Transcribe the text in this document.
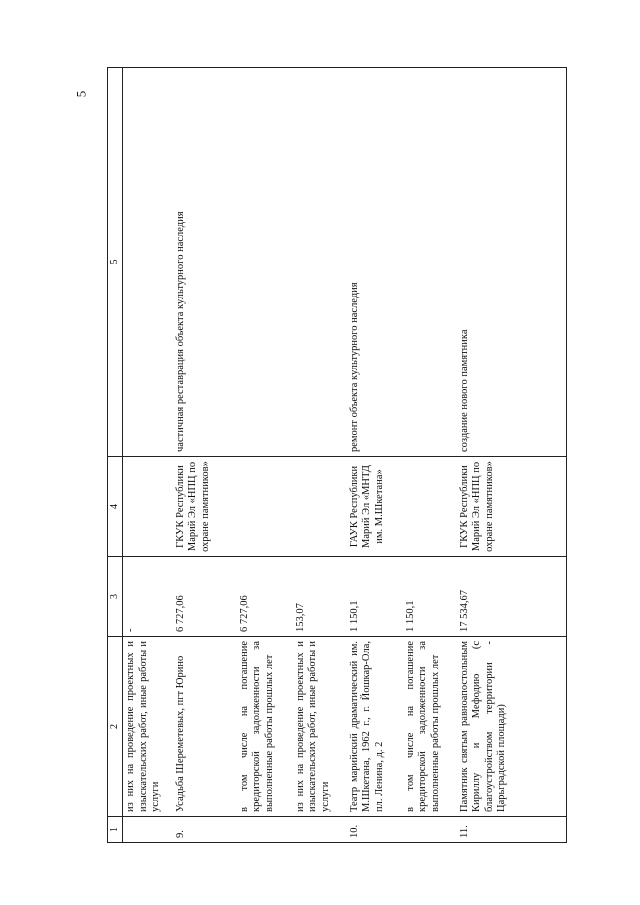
5
1	2	3	4	5
	из них на проведение проектных и изыскательских работ, иные работы и услуги	-		
9.	Усадьба Шереметевых, пгт Юрино	6 727,06	ГКУК Республики Марий Эл «НПЦ по охране памятников»	частичная реставрация объекта культурного наследия
	в том числе на погашение кредиторской задолженности за выполненные работы прошлых лет	6 727,06		
	из них на проведение проектных и изыскательских работ, иные работы и услуги	153,07		
10.	Театр марийский драматический им. М.Шкетана, 1962 г., г. Йошкар-Ола, пл. Ленина, д. 2	1 150,1	ГАУК Республики Марий Эл «МНТД им. М.Шкетана»	ремонт объекта культурного наследия
	в том числе на погашение кредиторской задолженности за выполненные работы прошлых лет	1 150,1		
11.	Памятник святым равноапостольным Кириллу и Мефодию (с благоустройством территории - Царьградской площади)	17 534,67	ГКУК Республики Марий Эл «НПЦ по охране памятников»	создание нового памятника
